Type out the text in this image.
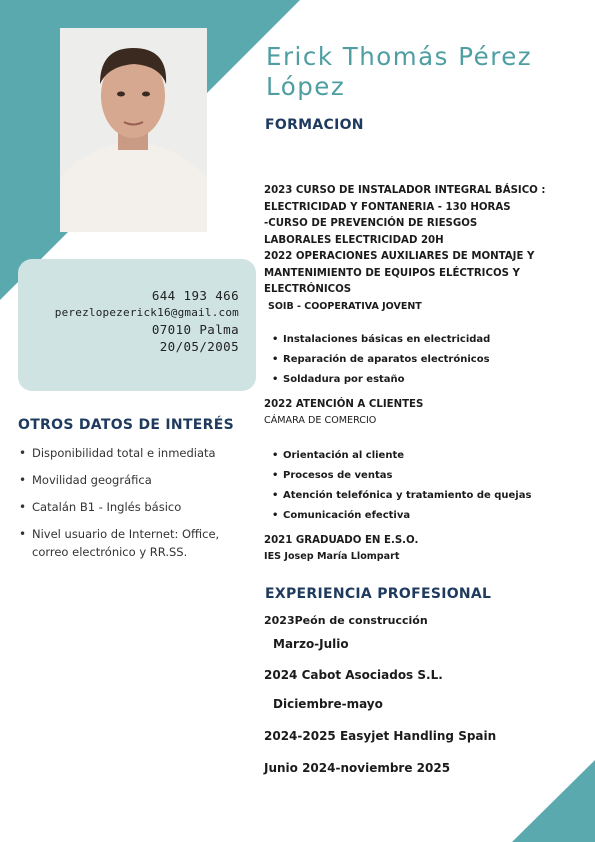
644 193 466
perezlopezerick16@gmail.com
07010 Palma
20/05/2005
Erick Thomás Pérez
López
FORMACION
2023 CURSO DE INSTALADOR INTEGRAL BÁSICO :
ELECTRICIDAD Y FONTANERIA - 130 HORAS
-CURSO DE PREVENCIÓN DE RIESGOS
LABORALES ELECTRICIDAD 20H
2022 OPERACIONES AUXILIARES DE MONTAJE Y
MANTENIMIENTO DE EQUIPOS ELÉCTRICOS Y
ELECTRÓNICOS
SOIB - COOPERATIVA JOVENT
• Instalaciones básicas en electricidad
• Reparación de aparatos electrónicos
• Soldadura por estaño
2022 ATENCIÓN A CLIENTES
CÁMARA DE COMERCIO
• Orientación al cliente
• Procesos de ventas
• Atención telefónica y tratamiento de quejas
• Comunicación efectiva
2021 GRADUADO EN E.S.O.
IES Josep María Llompart
OTROS DATOS DE INTERÉS
• Disponibilidad total e inmediata
• Movilidad geográfica
• Catalán B1 - Inglés básico
• Nivel usuario de Internet: Office,
correo electrónico y RR.SS.
EXPERIENCIA PROFESIONAL
2023Peón de construcción
Marzo-Julio
2024 Cabot Asociados S.L.
Diciembre-mayo
2024-2025 Easyjet Handling Spain
Junio 2024-noviembre 2025
